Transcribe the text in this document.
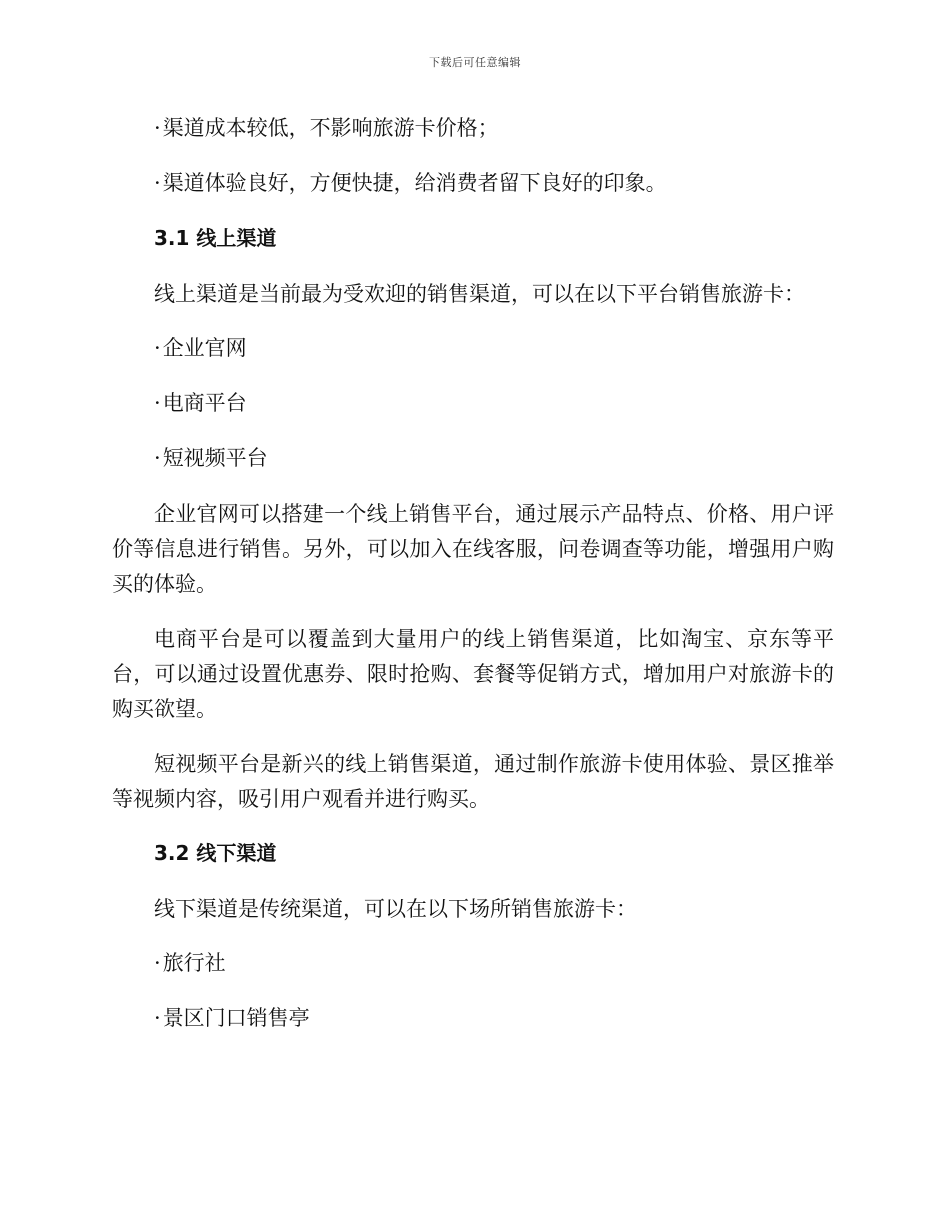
下载后可任意编辑
·渠道成本较低，不影响旅游卡价格；
·渠道体验良好，方便快捷，给消费者留下良好的印象。
3.1 线上渠道

线上渠道是当前最为受欢迎的销售渠道，可以在以下平台销售旅游卡：

·企业官网
·电商平台
·短视频平台

企业官网可以搭建一个线上销售平台，通过展示产品特点、价格、用户评价等信息进行销售。另外，可以加入在线客服，问卷调查等功能，增强用户购买的体验。

电商平台是可以覆盖到大量用户的线上销售渠道，比如淘宝、京东等平台，可以通过设置优惠券、限时抢购、套餐等促销方式，增加用户对旅游卡的购买欲望。

短视频平台是新兴的线上销售渠道，通过制作旅游卡使用体验、景区推举等视频内容，吸引用户观看并进行购买。

3.2 线下渠道

线下渠道是传统渠道，可以在以下场所销售旅游卡：

·旅行社
·景区门口销售亭
